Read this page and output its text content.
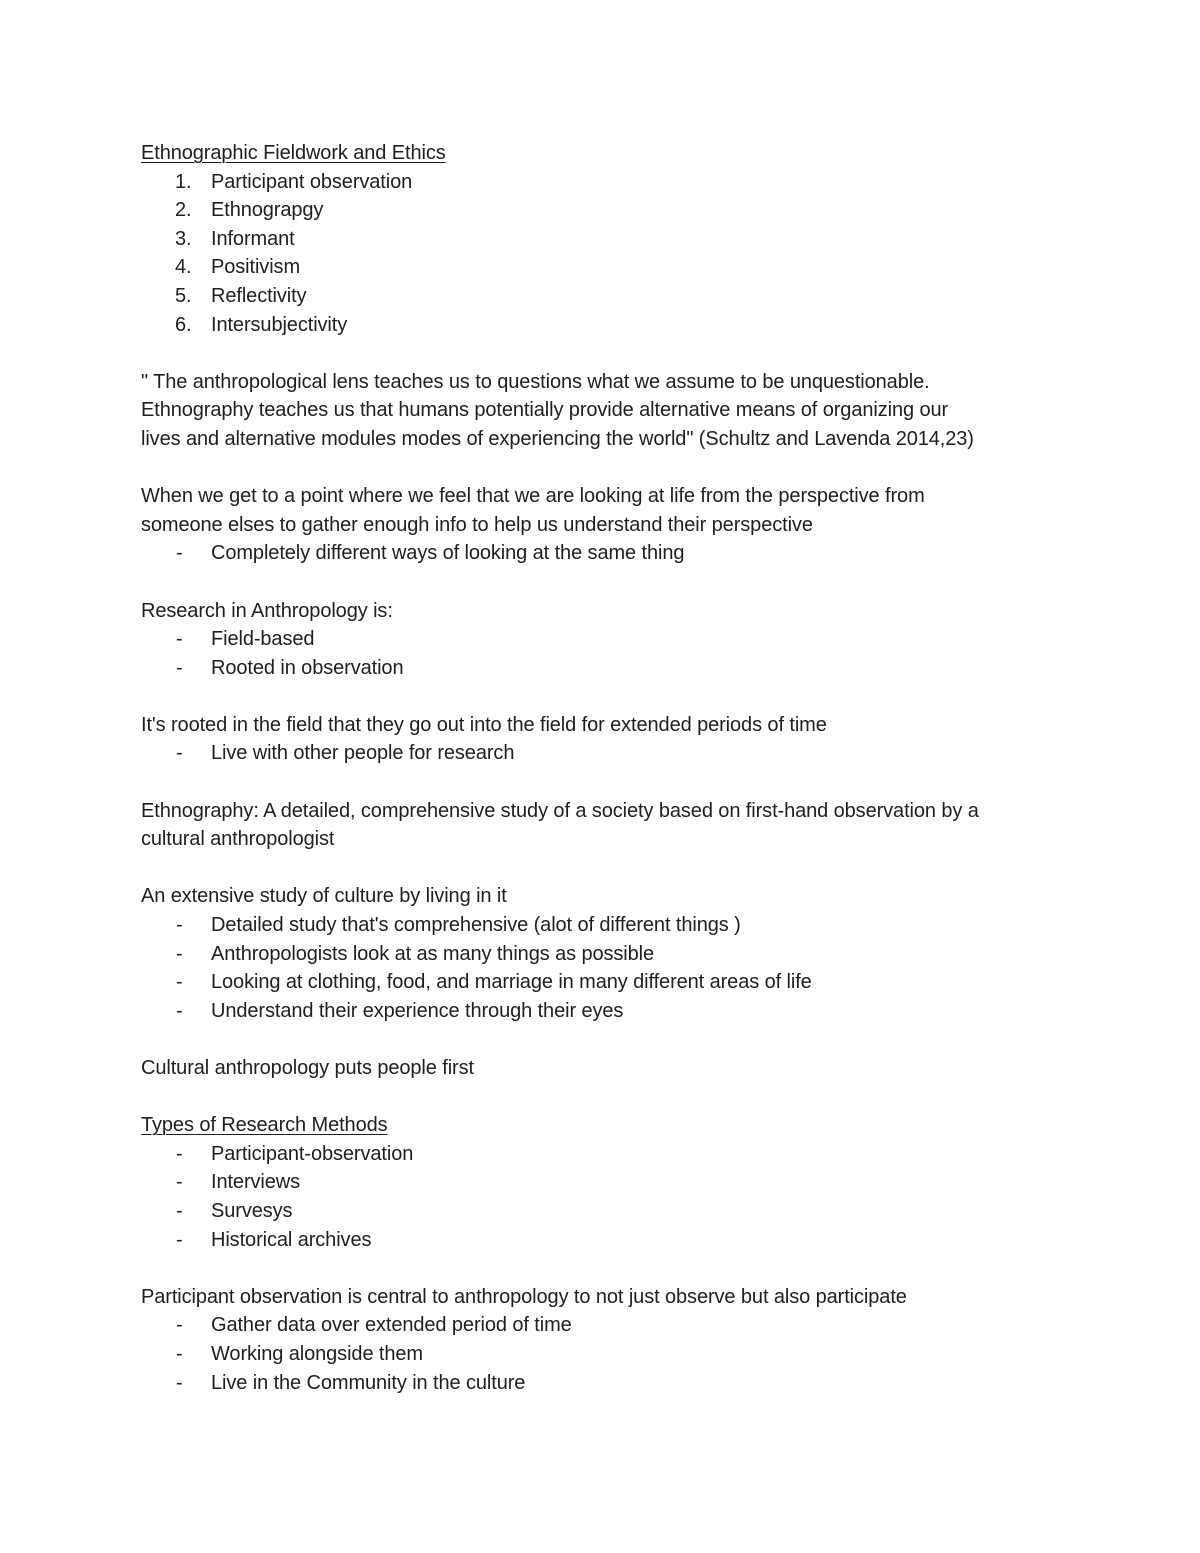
Ethnographic Fieldwork and Ethics
1. Participant observation
2. Ethnograpgy
3. Informant
4. Positivism
5. Reflectivity
6. Intersubjectivity
" The anthropological lens teaches us to questions what we assume to be unquestionable.
Ethnography teaches us that humans potentially provide alternative means of organizing our
lives and alternative modules modes of experiencing the world" (Schultz and Lavenda 2014,23)
When we get to a point where we feel that we are looking at life from the perspective from
someone elses to gather enough info to help us understand their perspective
-	Completely different ways of looking at the same thing
Research in Anthropology is:
-	Field-based
-	Rooted in observation
It's rooted in the field that they go out into the field for extended periods of time
-	Live with other people for research
Ethnography: A detailed, comprehensive study of a society based on first-hand observation by a
cultural anthropologist
An extensive study of culture by living in it
-	Detailed study that's comprehensive (alot of different things )
-	Anthropologists look at as many things as possible
-	Looking at clothing, food, and marriage in many different areas of life
-	Understand their experience through their eyes
Cultural anthropology puts people first
Types of Research Methods
-	Participant-observation
-	Interviews
-	Survesys
-	Historical archives
Participant observation is central to anthropology to not just observe but also participate
-	Gather data over extended period of time
-	Working alongside them
-	Live in the Community in the culture
